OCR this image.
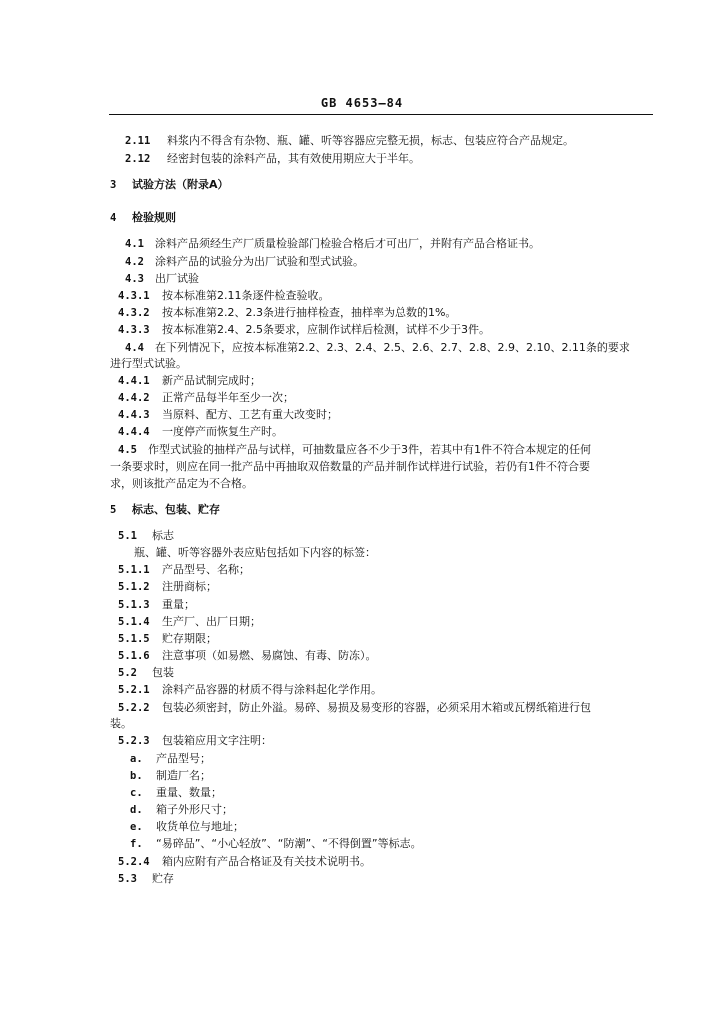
GB 4653—84
2.11 料浆内不得含有杂物、瓶、罐、听等容器应完整无损，标志、包装应符合产品规定。
2.12 经密封包装的涂料产品，其有效使用期应大于半年。
3 试验方法（附录A）
4 检验规则
4.1 涂料产品须经生产厂质量检验部门检验合格后才可出厂，并附有产品合格证书。
4.2 涂料产品的试验分为出厂试验和型式试验。
4.3 出厂试验
4.3.1 按本标准第2.11条逐件检查验收。
4.3.2 按本标准第2.2、2.3条进行抽样检查，抽样率为总数的1%。
4.3.3 按本标准第2.4、2.5条要求，应制作试样后检测，试样不少于3件。
4.4 在下列情况下，应按本标准第2.2、2.3、2.4、2.5、2.6、2.7、2.8、2.9、2.10、2.11条的要求
进行型式试验。
4.4.1 新产品试制完成时；
4.4.2 正常产品每半年至少一次；
4.4.3 当原料、配方、工艺有重大改变时；
4.4.4 一度停产而恢复生产时。
4.5 作型式试验的抽样产品与试样，可抽数量应各不少于3件，若其中有1件不符合本规定的任何
一条要求时，则应在同一批产品中再抽取双倍数量的产品并制作试样进行试验，若仍有1件不符合要
求，则该批产品定为不合格。
5 标志、包装、贮存
5.1 标志
瓶、罐、听等容器外表应贴包括如下内容的标签：
5.1.1 产品型号、名称；
5.1.2 注册商标；
5.1.3 重量；
5.1.4 生产厂、出厂日期；
5.1.5 贮存期限；
5.1.6 注意事项（如易燃、易腐蚀、有毒、防冻）。
5.2 包装
5.2.1 涂料产品容器的材质不得与涂料起化学作用。
5.2.2 包装必须密封，防止外溢。易碎、易损及易变形的容器，必须采用木箱或瓦楞纸箱进行包
装。
5.2.3 包装箱应用文字注明：
a. 产品型号；
b. 制造厂名；
c. 重量、数量；
d. 箱子外形尺寸；
e. 收货单位与地址；
f. “易碎品”、“小心轻放”、“防潮”、“不得倒置”等标志。
5.2.4 箱内应附有产品合格证及有关技术说明书。
5.3 贮存
